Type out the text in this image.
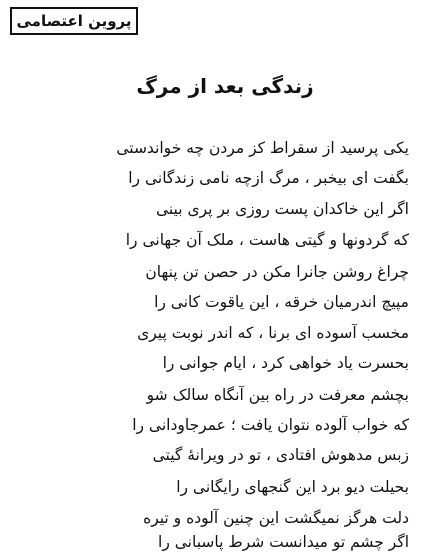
پروین اعتصامی
زندگی بعد از مرگ
یکی پرسید از سقراط کز مردن چه خواندستی
بگفت ای بیخبر ، مرگ ازچه نامی زندگانی را
اگر این خاکدان پست روزی بر پری بینی
که گردونها و گیتی هاست ، ملک آن جهانی را
چراغ روشن جانرا مکن در حصن تن پنهان
مپیچ اندرمیان خرقه ، این یاقوت کانی را
مخسب آسوده ای برنا ، که اندر نوبت پیری
بحسرت یاد خواهی کرد ، ایام جوانی را
بچشم معرفت در راه بین آنگاه سالک شو
که خواب آلوده نتوان یافت ؛ عمرجاودانی را
زبس مدهوش افتادی ، تو در ویرانهٔ گیتی
بحیلت دیو برد این گنجهای رایگانی را
دلت هرگز نمیگشت این چنین آلوده و تیره
اگر چشم تو میدانست شرط پاسبانی را
